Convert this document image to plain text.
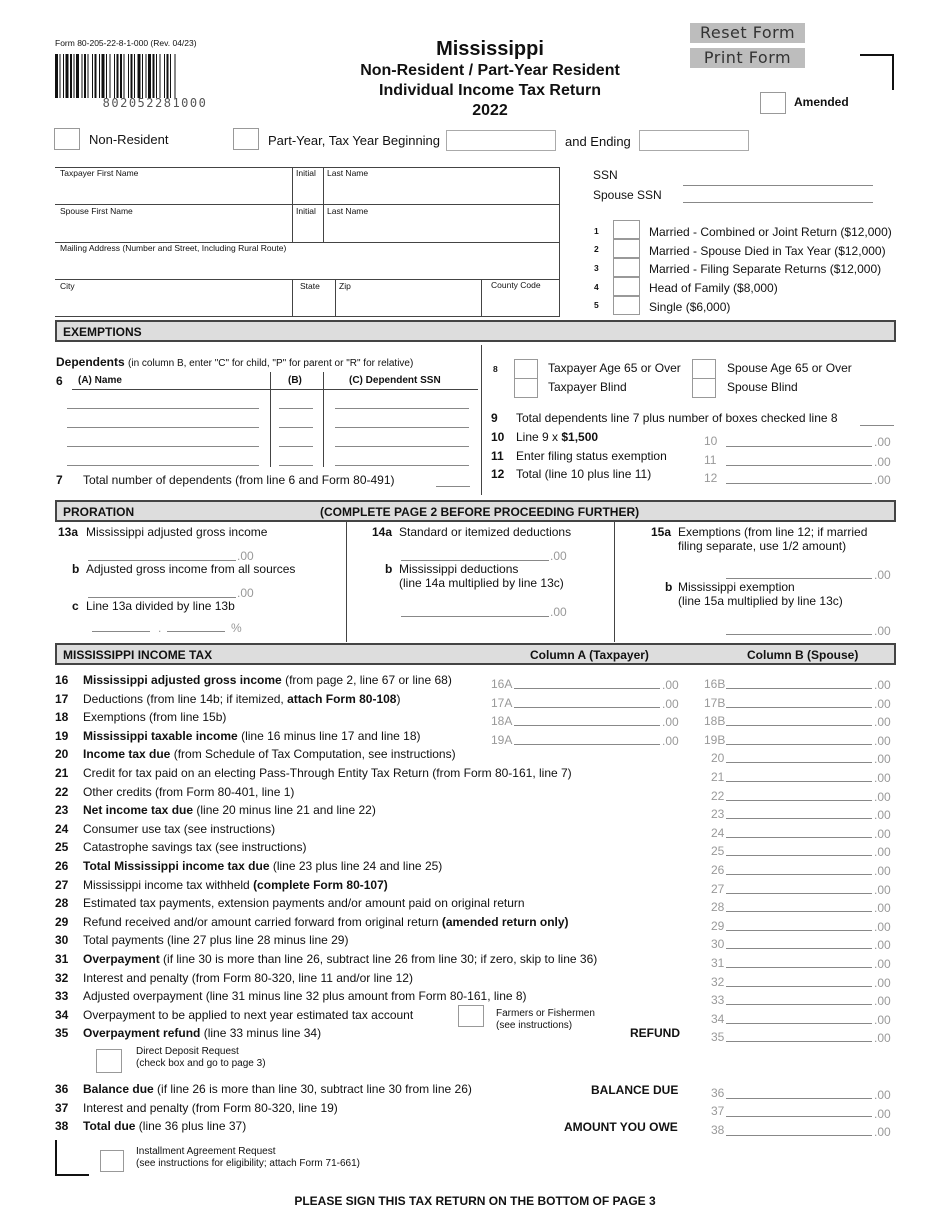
Form 80-205-22-8-1-000 (Rev. 04/23)
802052281000
Mississippi
Non-Resident / Part-Year Resident
Individual Income Tax Return
2022
Reset Form
Print Form
Amended
Non-Resident	Part-Year, Tax Year Beginning	and Ending
Taxpayer First Name	Initial Last Name
Spouse First Name	Initial Last Name
Mailing Address (Number and Street, Including Rural Route)
City	State Zip	County Code
SSN
Spouse SSN
1	Married - Combined or Joint Return ($12,000)
2	Married - Spouse Died in Tax Year ($12,000)
3	Married - Filing Separate Returns ($12,000)
4	Head of Family ($8,000)
5	Single ($6,000)
EXEMPTIONS
Dependents (in column B, enter "C" for child, "P" for parent or "R" for relative)
6 (A) Name	(B)	(C) Dependent SSN
7 Total number of dependents (from line 6 and Form 80-491)
8	Taxpayer Age 65 or Over
Taxpayer Blind
Spouse Age 65 or Over
Spouse Blind
9 Total dependents line 7 plus number of boxes checked line 8
10 Line 9 x $1,500	10	.00
11 Enter filing status exemption	11	.00
12 Total (line 10 plus line 11)	12	.00
PRORATION	(COMPLETE PAGE 2 BEFORE PROCEEDING FURTHER)
13a Mississippi adjusted gross income
.00
b Adjusted gross income from all sources
.00
c Line 13a divided by line 13b
.	%
14a Standard or itemized deductions
.00
b Mississippi deductions
(line 14a multiplied by line 13c)
.00
15a Exemptions (from line 12; if married
filing separate, use 1/2 amount)
.00
b Mississippi exemption
(line 15a multiplied by line 13c)
.00
MISSISSIPPI INCOME TAX	Column A (Taxpayer)	Column B (Spouse)
16 Mississippi adjusted gross income (from page 2, line 67 or line 68)	16A	.00 16B	.00
17 Deductions (from line 14b; if itemized, attach Form 80-108)	17A	.00 17B	.00
18 Exemptions (from line 15b)	18A	.00 18B	.00
19 Mississippi taxable income (line 16 minus line 17 and line 18)	19A	.00 19B	.00
20 Income tax due (from Schedule of Tax Computation, see instructions)	20	.00
21 Credit for tax paid on an electing Pass-Through Entity Tax Return (from Form 80-161, line 7)	21	.00
22 Other credits (from Form 80-401, line 1)	22	.00
23 Net income tax due (line 20 minus line 21 and line 22)	23	.00
24 Consumer use tax (see instructions)	24	.00
25 Catastrophe savings tax (see instructions)	25	.00
26 Total Mississippi income tax due (line 23 plus line 24 and line 25)	26	.00
27 Mississippi income tax withheld (complete Form 80-107)	27	.00
28 Estimated tax payments, extension payments and/or amount paid on original return	28	.00
29 Refund received and/or amount carried forward from original return (amended return only)	29	.00
30 Total payments (line 27 plus line 28 minus line 29)	30	.00
31 Overpayment (if line 30 is more than line 26, subtract line 26 from line 30; if zero, skip to line 36)	31	.00
32 Interest and penalty (from Form 80-320, line 11 and/or line 12)	32	.00
33 Adjusted overpayment (line 31 minus line 32 plus amount from Form 80-161, line 8)	33	.00
34 Overpayment to be applied to next year estimated tax account	34	.00
35 Overpayment refund (line 33 minus line 34)	35	.00
Farmers or Fishermen
(see instructions)
REFUND
Direct Deposit Request
(check box and go to page 3)
36 Balance due (if line 26 is more than line 30, subtract line 30 from line 26)	BALANCE DUE	36	.00
37 Interest and penalty (from Form 80-320, line 19)	37	.00
38 Total due (line 36 plus line 37)	AMOUNT YOU OWE	38	.00
Installment Agreement Request
(see instructions for eligibility; attach Form 71-661)
PLEASE SIGN THIS TAX RETURN ON THE BOTTOM OF PAGE 3
